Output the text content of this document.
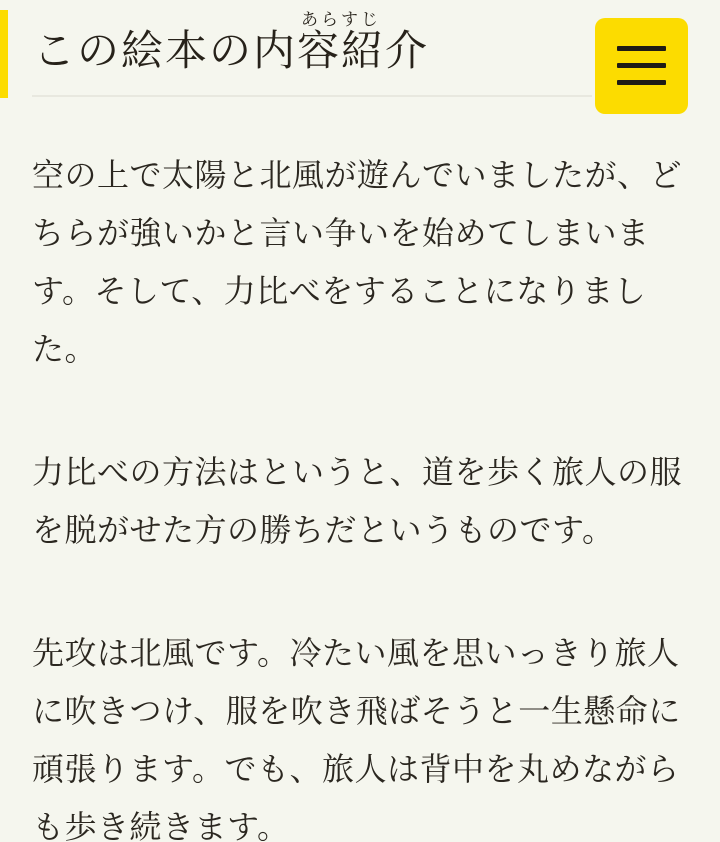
この絵本の内容紹介あらすじ

空の上で太陽と北風が遊んでいましたが、どちらが強いかと言い争いを始めてしまいます。そして、力比べをすることになりました。

力比べの方法はというと、道を歩く旅人の服を脱がせた方の勝ちだというものです。

先攻は北風です。冷たい風を思いっきり旅人に吹きつけ、服を吹き飛ばそうと一生懸命に頑張ります。でも、旅人は背中を丸めながらも歩き続きます。
